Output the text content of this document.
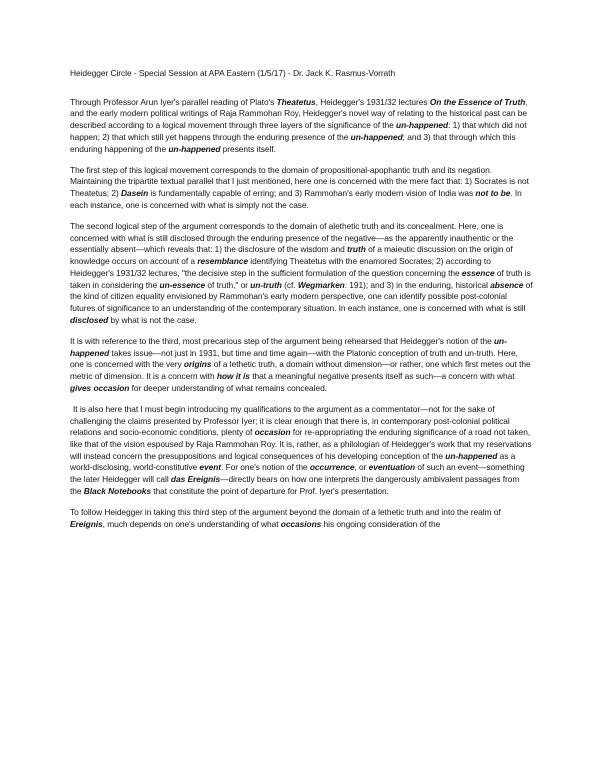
Heidegger Circle - Special Session at APA Eastern (1/5/17) - Dr. Jack K. Rasmus-Vorrath

Through Professor Arun Iyer's parallel reading of Plato's Theatetus, Heidegger's 1931/32 lectures On the Essence of Truth, and the early modern political writings of Raja Rammohan Roy, Heidegger's novel way of relating to the historical past can be described according to a logical movement through three layers of the significance of the un-happened: 1) that which did not happen; 2) that which still yet happens through the enduring presence of the un-happened; and 3) that through which this enduring happening of the un-happened presents itself.

The first step of this logical movement corresponds to the domain of propositional-apophantic truth and its negation. Maintaining the tripartite textual parallel that I just mentioned, here one is concerned with the mere fact that: 1) Socrates is not Theatetus; 2) Dasein is fundamentally capable of erring; and 3) Rammohan's early modern vision of India was not to be. In each instance, one is concerned with what is simply not the case.

The second logical step of the argument corresponds to the domain of alethetic truth and its concealment. Here, one is concerned with what is still disclosed through the enduring presence of the negative—as the apparently inauthentic or the essentially absent—which reveals that: 1) the disclosure of the wisdom and truth of a maieutic discussion on the origin of knowledge occurs on account of a resemblance identifying Theatetus with the enamored Socrates; 2) according to Heidegger's 1931/32 lectures, "the decisive step in the sufficient formulation of the question concerning the essence of truth is taken in considering the un-essence of truth," or un-truth (cf. Wegmarken: 191); and 3) in the enduring, historical absence of the kind of citizen equality envisioned by Rammohan's early modern perspective, one can identify possible post-colonial futures of significance to an understanding of the contemporary situation. In each instance, one is concerned with what is still disclosed by what is not the case.

It is with reference to the third, most precarious step of the argument being rehearsed that Heidegger's notion of the un-happened takes issue—not just in 1931, but time and time again—with the Platonic conception of truth and un-truth. Here, one is concerned with the very origins of a lethetic truth, a domain without dimension—or rather, one which first metes out the metric of dimension. It is a concern with how it is that a meaningful negative presents itself as such—a concern with what gives occasion for deeper understanding of what remains concealed.

It is also here that I must begin introducing my qualifications to the argument as a commentator—not for the sake of challenging the claims presented by Professor Iyer; it is clear enough that there is, in contemporary post-colonial political relations and socio-economic conditions, plenty of occasion for re-appropriating the enduring significance of a road not taken, like that of the vision espoused by Raja Rammohan Roy. It is, rather, as a philologian of Heidegger's work that my reservations will instead concern the presuppositions and logical consequences of his developing conception of the un-happened as a world-disclosing, world-constitutive event. For one's notion of the occurrence, or eventuation of such an event—something the later Heidegger will call das Ereignis—directly bears on how one interprets the dangerously ambivalent passages from the Black Notebooks that constitute the point of departure for Prof. Iyer's presentation.

To follow Heidegger in taking this third step of the argument beyond the domain of a lethetic truth and into the realm of Ereignis, much depends on one's understanding of what occasions his ongoing consideration of the
